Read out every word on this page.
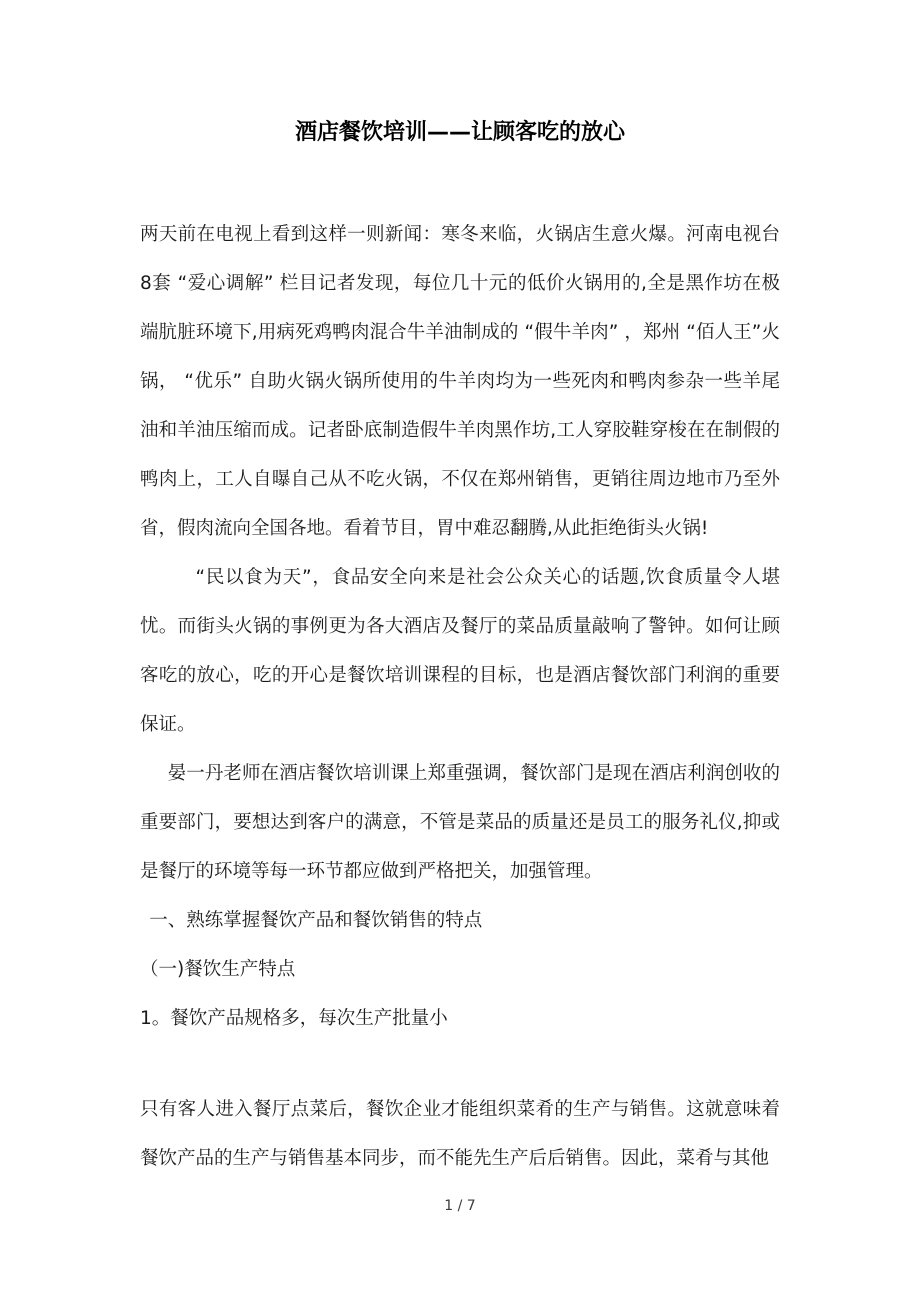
酒店餐饮培训——让顾客吃的放心

两天前在电视上看到这样一则新闻：寒冬来临，火锅店生意火爆。河南电视台8套 “爱心调解” 栏目记者发现，每位几十元的低价火锅用的,全是黑作坊在极端肮脏环境下,用病死鸡鸭肉混合牛羊油制成的 “假牛羊肉” ，郑州 “佰人王”火锅， “优乐” 自助火锅火锅所使用的牛羊肉均为一些死肉和鸭肉参杂一些羊尾油和羊油压缩而成。记者卧底制造假牛羊肉黑作坊,工人穿胶鞋穿梭在在制假的鸭肉上，工人自曝自己从不吃火锅，不仅在郑州销售，更销往周边地市乃至外省，假肉流向全国各地。看着节目，胃中难忍翻腾,从此拒绝街头火锅!

“民以食为天”，食品安全向来是社会公众关心的话题,饮食质量令人堪忧。而街头火锅的事例更为各大酒店及餐厅的菜品质量敲响了警钟。如何让顾客吃的放心，吃的开心是餐饮培训课程的目标，也是酒店餐饮部门利润的重要保证。

晏一丹老师在酒店餐饮培训课上郑重强调，餐饮部门是现在酒店利润创收的重要部门，要想达到客户的满意，不管是菜品的质量还是员工的服务礼仪,抑或是餐厅的环境等每一环节都应做到严格把关，加强管理。

一、熟练掌握餐饮产品和餐饮销售的特点

（一)餐饮生产特点

1。餐饮产品规格多，每次生产批量小

只有客人进入餐厅点菜后，餐饮企业才能组织菜肴的生产与销售。这就意味着餐饮产品的生产与销售基本同步，而不能先生产后后销售。因此，菜肴与其他

1 / 7
